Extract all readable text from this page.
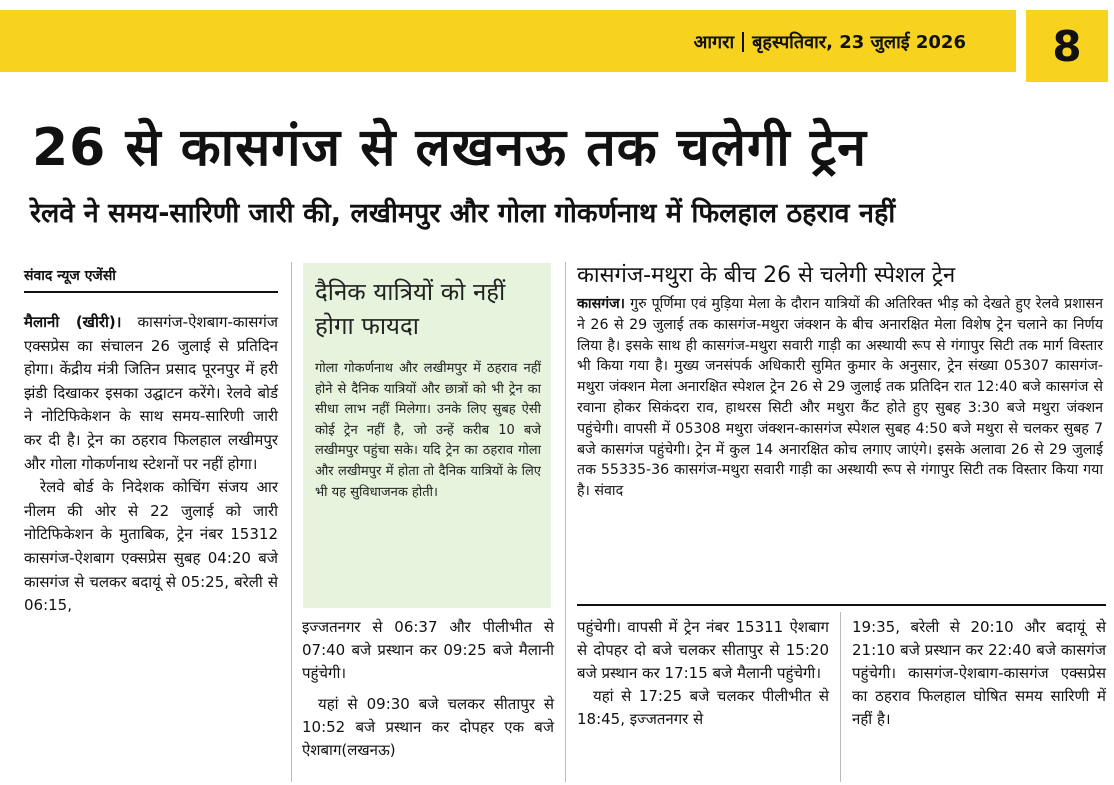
आगरा बृहस्पतिवार, 23 जुलाई 2026 8
26 से कासगंज से लखनऊ तक चलेगी ट्रेन
रेलवे ने समय-सारिणी जारी की, लखीमपुर और गोला गोकर्णनाथ में फिलहाल ठहराव नहीं
संवाद न्यूज एजेंसी

मैलानी (खीरी)। कासगंज-ऐशबाग-कासगंज एक्सप्रेस का संचालन 26 जुलाई से प्रतिदिन होगा। केंद्रीय मंत्री जितिन प्रसाद पूरनपुर में हरी झंडी दिखाकर इसका उद्घाटन करेंगे। रेलवे बोर्ड ने नोटिफिकेशन के साथ समय-सारिणी जारी कर दी है। ट्रेन का ठहराव फिलहाल लखीमपुर और गोला गोकर्णनाथ स्टेशनों पर नहीं होगा।

रेलवे बोर्ड के निदेशक कोचिंग संजय आर नीलम की ओर से 22 जुलाई को जारी नोटिफिकेशन के मुताबिक, ट्रेन नंबर 15312 कासगंज-ऐशबाग एक्सप्रेस सुबह 04:20 बजे कासगंज से चलकर बदायूं से 05:25, बरेली से 06:15,

दैनिक यात्रियों को नहीं होगा फायदा
गोला गोकर्णनाथ और लखीमपुर में ठहराव नहीं होने से दैनिक यात्रियों और छात्रों को भी ट्रेन का सीधा लाभ नहीं मिलेगा। उनके लिए सुबह ऐसी कोई ट्रेन नहीं है, जो उन्हें करीब 10 बजे लखीमपुर पहुंचा सके। यदि ट्रेन का ठहराव गोला और लखीमपुर में होता तो दैनिक यात्रियों के लिए भी यह सुविधाजनक होती।

इज्जतनगर से 06:37 और पीलीभीत से 07:40 बजे प्रस्थान कर 09:25 बजे मैलानी पहुंचेगी।

यहां से 09:30 बजे चलकर सीतापुर से 10:52 बजे प्रस्थान कर दोपहर एक बजे ऐशबाग(लखनऊ)

कासगंज-मथुरा के बीच 26 से चलेगी स्पेशल ट्रेन
कासगंज। गुरु पूर्णिमा एवं मुड़िया मेला के दौरान यात्रियों की अतिरिक्त भीड़ को देखते हुए रेलवे प्रशासन ने 26 से 29 जुलाई तक कासगंज-मथुरा जंक्शन के बीच अनारक्षित मेला विशेष ट्रेन चलाने का निर्णय लिया है। इसके साथ ही कासगंज-मथुरा सवारी गाड़ी का अस्थायी रूप से गंगापुर सिटी तक मार्ग विस्तार भी किया गया है। मुख्य जनसंपर्क अधिकारी सुमित कुमार के अनुसार, ट्रेन संख्या 05307 कासगंज-मथुरा जंक्शन मेला अनारक्षित स्पेशल ट्रेन 26 से 29 जुलाई तक प्रतिदिन रात 12:40 बजे कासगंज से रवाना होकर सिकंदरा राव, हाथरस सिटी और मथुरा कैंट होते हुए सुबह 3:30 बजे मथुरा जंक्शन पहुंचेगी। वापसी में 05308 मथुरा जंक्शन-कासगंज स्पेशल सुबह 4:50 बजे मथुरा से चलकर सुबह 7 बजे कासगंज पहुंचेगी। ट्रेन में कुल 14 अनारक्षित कोच लगाए जाएंगे। इसके अलावा 26 से 29 जुलाई तक 55335-36 कासगंज-मथुरा सवारी गाड़ी का अस्थायी रूप से गंगापुर सिटी तक विस्तार किया गया है। संवाद

पहुंचेगी। वापसी में ट्रेन नंबर 15311 ऐशबाग से दोपहर दो बजे चलकर सीतापुर से 15:20 बजे प्रस्थान कर 17:15 बजे मैलानी पहुंचेगी।

यहां से 17:25 बजे चलकर पीलीभीत से 18:45, इज्जतनगर से

19:35, बरेली से 20:10 और बदायूं से 21:10 बजे प्रस्थान कर 22:40 बजे कासगंज पहुंचेगी। कासगंज-ऐशबाग-कासगंज एक्सप्रेस का ठहराव फिलहाल घोषित समय सारिणी में नहीं है।
